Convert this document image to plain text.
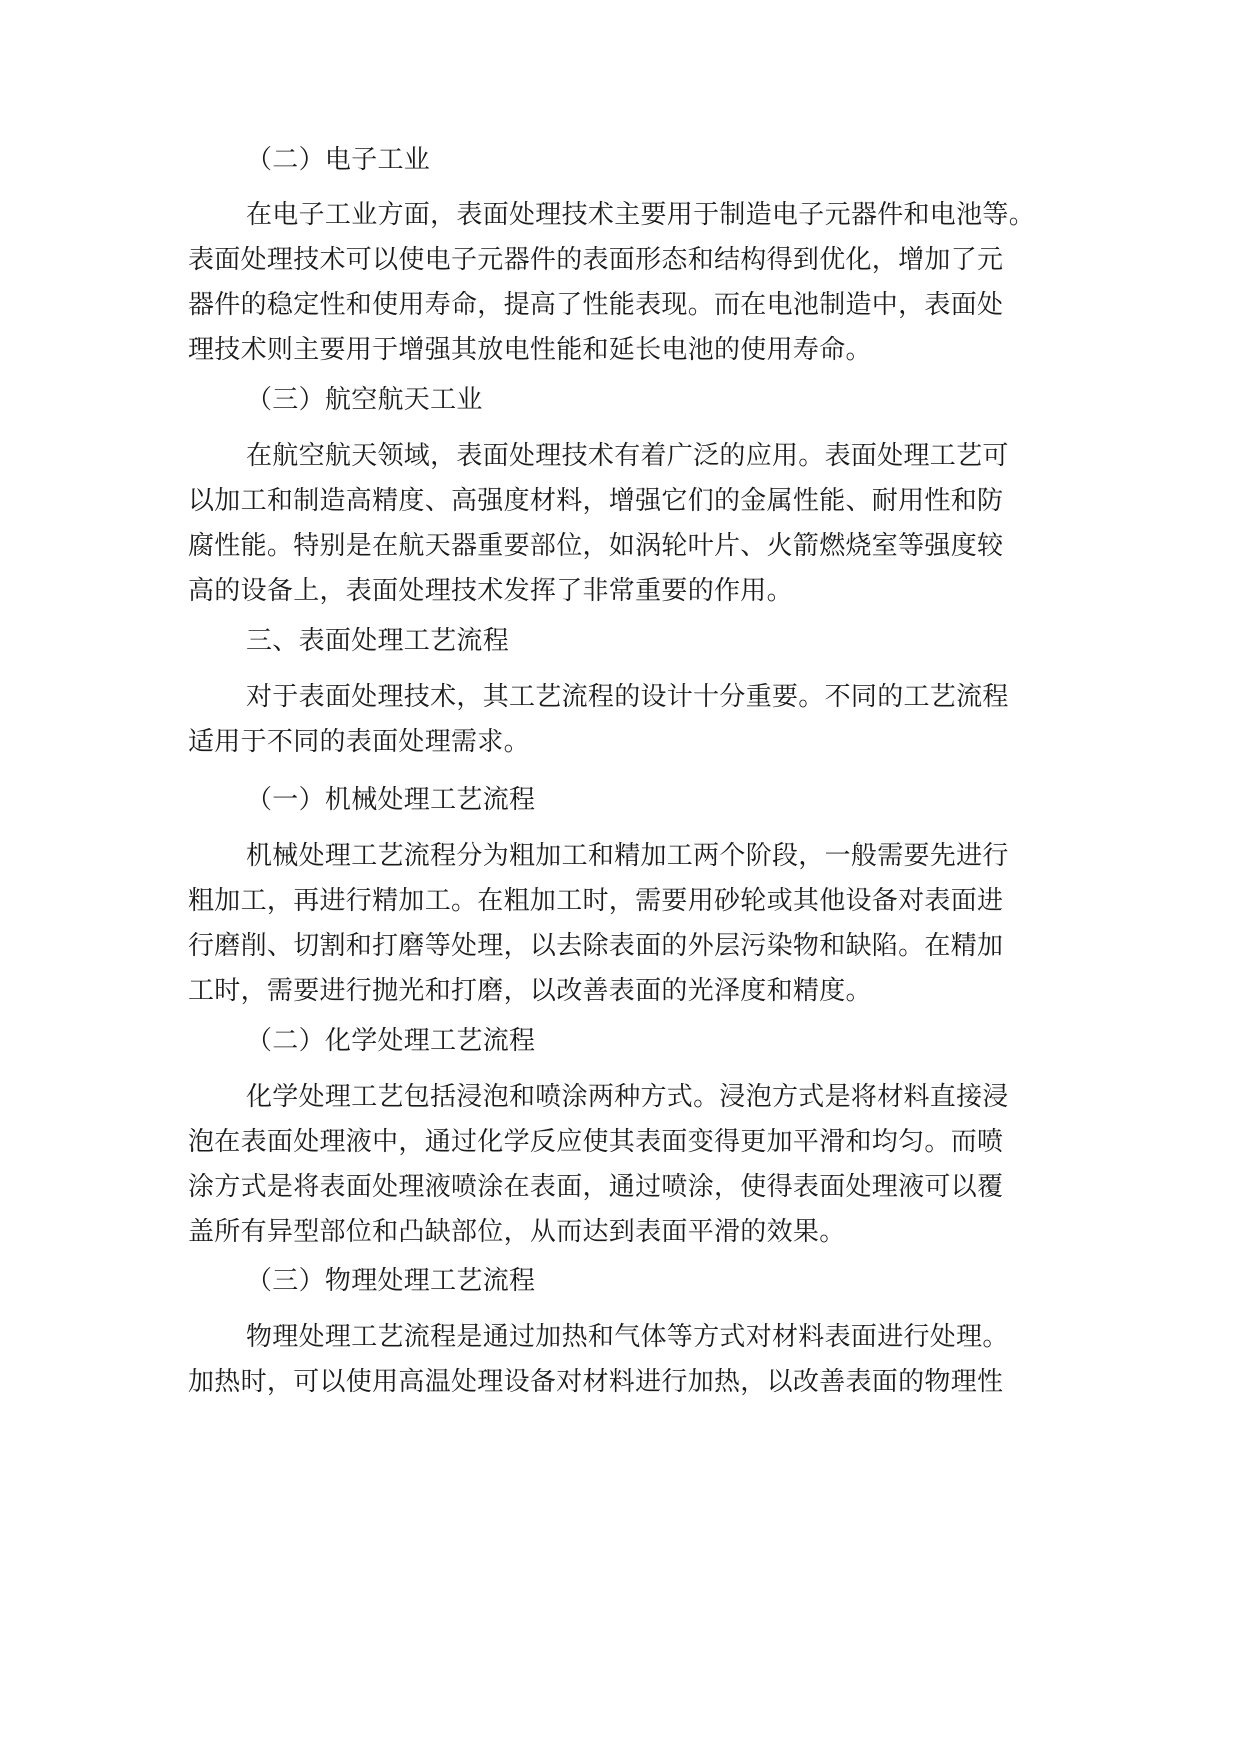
（二）电子工业
在电子工业方面，表面处理技术主要用于制造电子元器件和电池等。
表面处理技术可以使电子元器件的表面形态和结构得到优化，增加了元
器件的稳定性和使用寿命，提高了性能表现。而在电池制造中，表面处
理技术则主要用于增强其放电性能和延长电池的使用寿命。
（三）航空航天工业
在航空航天领域，表面处理技术有着广泛的应用。表面处理工艺可
以加工和制造高精度、高强度材料，增强它们的金属性能、耐用性和防
腐性能。特别是在航天器重要部位，如涡轮叶片、火箭燃烧室等强度较
高的设备上，表面处理技术发挥了非常重要的作用。
三、表面处理工艺流程
对于表面处理技术，其工艺流程的设计十分重要。不同的工艺流程
适用于不同的表面处理需求。
（一）机械处理工艺流程
机械处理工艺流程分为粗加工和精加工两个阶段，一般需要先进行
粗加工，再进行精加工。在粗加工时，需要用砂轮或其他设备对表面进
行磨削、切割和打磨等处理，以去除表面的外层污染物和缺陷。在精加
工时，需要进行抛光和打磨，以改善表面的光泽度和精度。
（二）化学处理工艺流程
化学处理工艺包括浸泡和喷涂两种方式。浸泡方式是将材料直接浸
泡在表面处理液中，通过化学反应使其表面变得更加平滑和均匀。而喷
涂方式是将表面处理液喷涂在表面，通过喷涂，使得表面处理液可以覆
盖所有异型部位和凸缺部位，从而达到表面平滑的效果。
（三）物理处理工艺流程
物理处理工艺流程是通过加热和气体等方式对材料表面进行处理。
加热时，可以使用高温处理设备对材料进行加热，以改善表面的物理性
